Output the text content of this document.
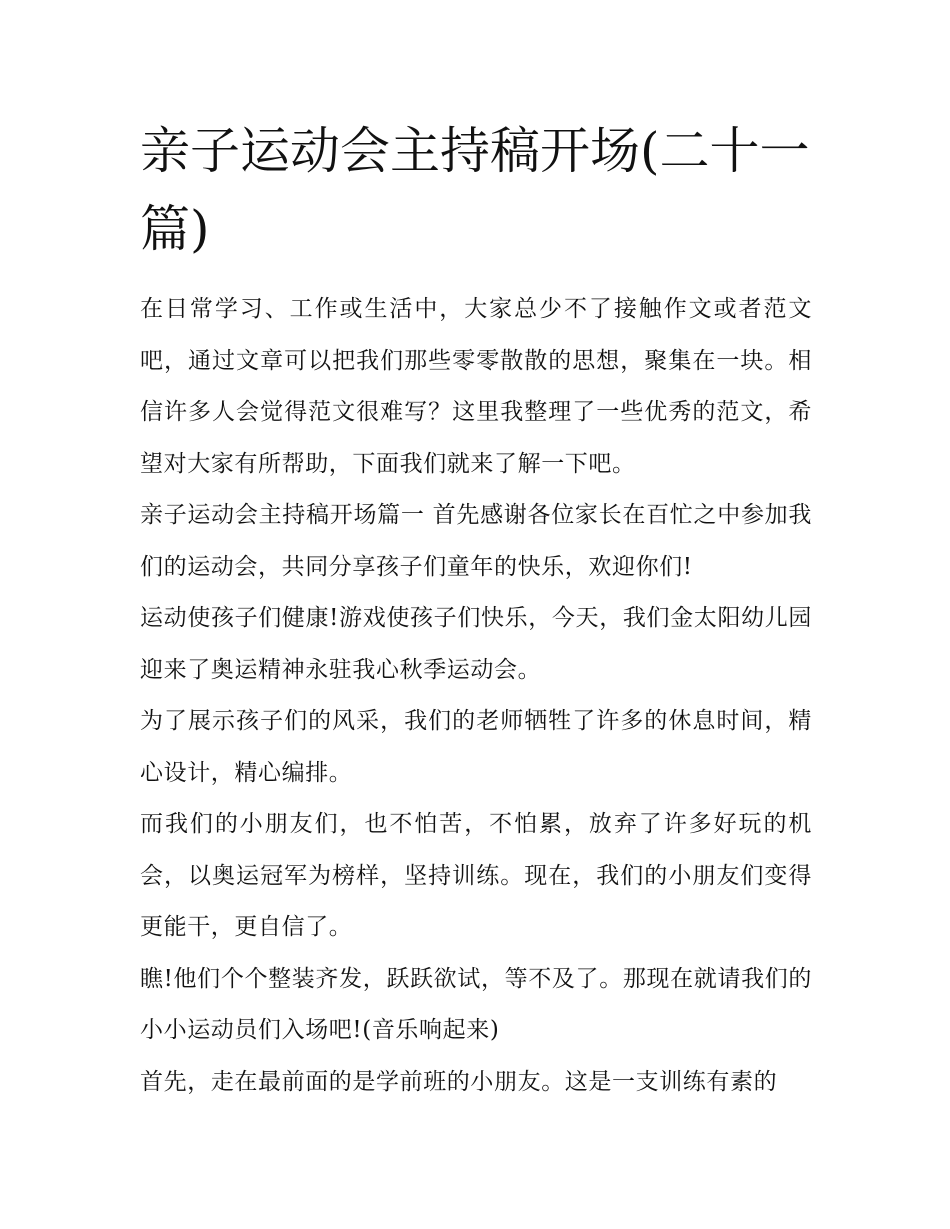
亲子运动会主持稿开场(二十一篇)

在日常学习、工作或生活中，大家总少不了接触作文或者范文吧，通过文章可以把我们那些零零散散的思想，聚集在一块。相信许多人会觉得范文很难写？这里我整理了一些优秀的范文，希望对大家有所帮助，下面我们就来了解一下吧。

亲子运动会主持稿开场篇一 首先感谢各位家长在百忙之中参加我们的运动会，共同分享孩子们童年的快乐，欢迎你们!

运动使孩子们健康!游戏使孩子们快乐，今天，我们金太阳幼儿园迎来了奥运精神永驻我心秋季运动会。

为了展示孩子们的风采，我们的老师牺牲了许多的休息时间，精心设计，精心编排。

而我们的小朋友们，也不怕苦，不怕累，放弃了许多好玩的机会，以奥运冠军为榜样，坚持训练。现在，我们的小朋友们变得更能干，更自信了。

瞧!他们个个整装齐发，跃跃欲试，等不及了。那现在就请我们的小小运动员们入场吧!(音乐响起来)

首先，走在最前面的是学前班的小朋友。这是一支训练有素的
